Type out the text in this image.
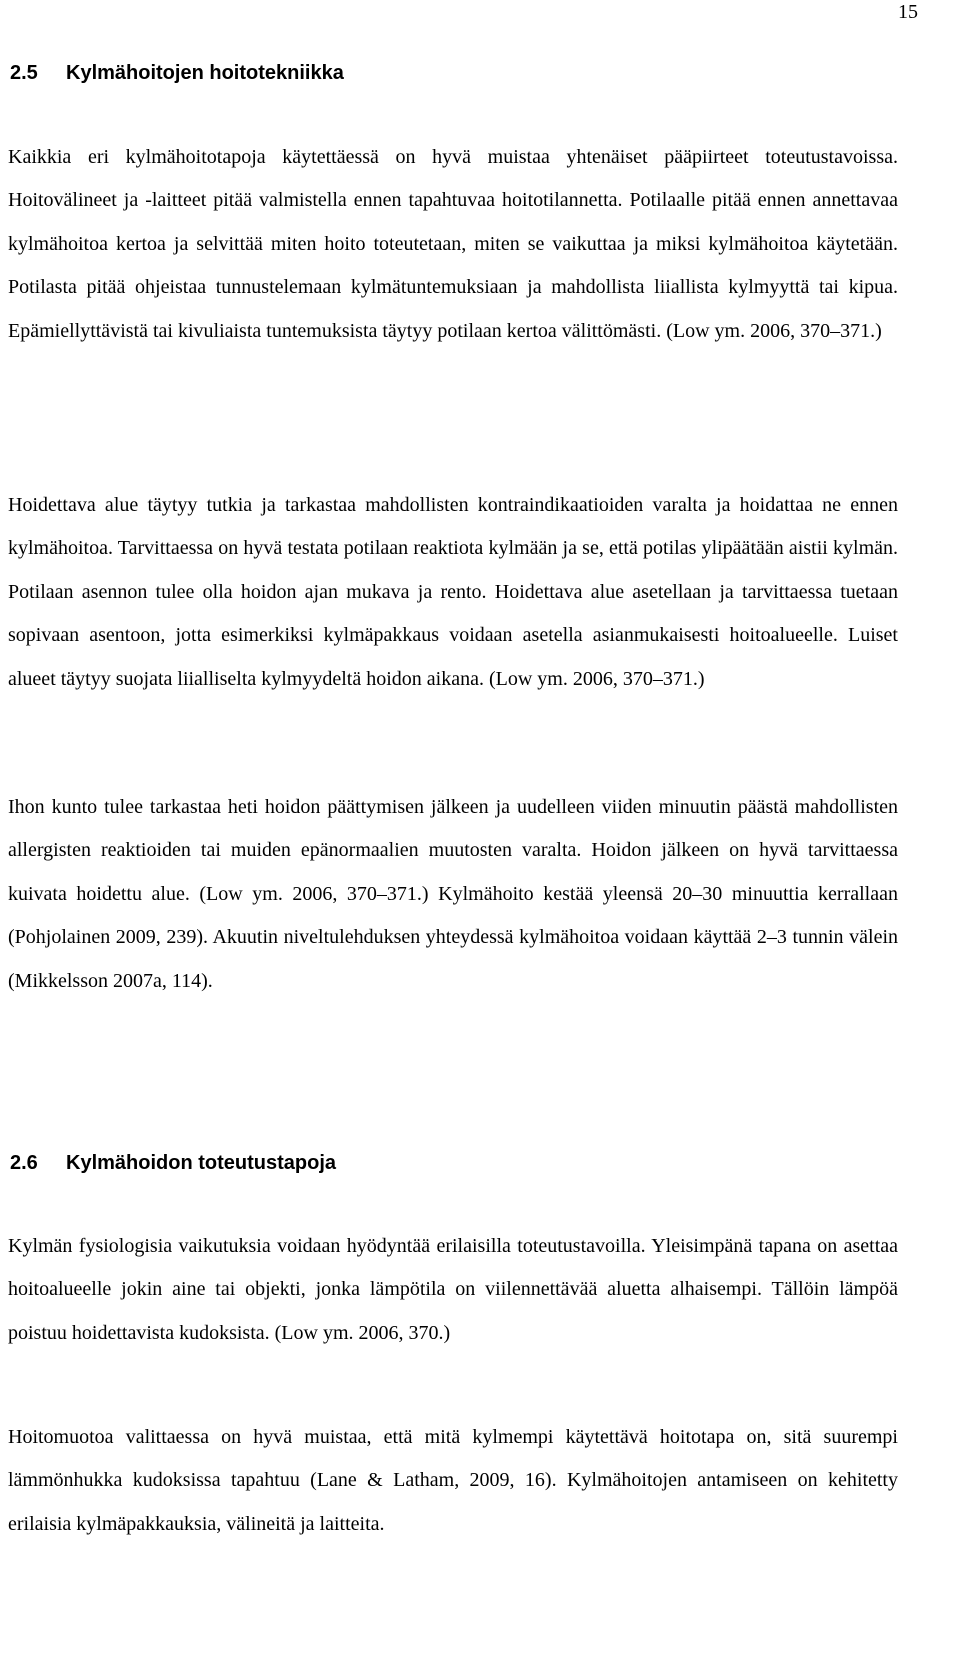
15
2.5 Kylmähoitojen hoitotekniikka

Kaikkia eri kylmähoitotapoja käytettäessä on hyvä muistaa yhtenäiset pääpiirteet toteutustavoissa. Hoitovälineet ja -laitteet pitää valmistella ennen tapahtuvaa hoitotilannetta. Potilaalle pitää ennen annettavaa kylmähoitoa kertoa ja selvittää miten hoito toteutetaan, miten se vaikuttaa ja miksi kylmähoitoa käytetään. Potilasta pitää ohjeistaa tunnustelemaan kylmätuntemuksiaan ja mahdollista liiallista kylmyyttä tai kipua. Epämiellyttävistä tai kivuliaista tuntemuksista täytyy potilaan kertoa välittömästi. (Low ym. 2006, 370–371.)

Hoidettava alue täytyy tutkia ja tarkastaa mahdollisten kontraindikaatioiden varalta ja hoidattaa ne ennen kylmähoitoa. Tarvittaessa on hyvä testata potilaan reaktiota kylmään ja se, että potilas ylipäätään aistii kylmän. Potilaan asennon tulee olla hoidon ajan mukava ja rento. Hoidettava alue asetellaan ja tarvittaessa tuetaan sopivaan asentoon, jotta esimerkiksi kylmäpakkaus voidaan asetella asianmukaisesti hoitoalueelle. Luiset alueet täytyy suojata liialliselta kylmyydeltä hoidon aikana. (Low ym. 2006, 370–371.)

Ihon kunto tulee tarkastaa heti hoidon päättymisen jälkeen ja uudelleen viiden minuutin päästä mahdollisten allergisten reaktioiden tai muiden epänormaalien muutosten varalta. Hoidon jälkeen on hyvä tarvittaessa kuivata hoidettu alue. (Low ym. 2006, 370–371.) Kylmähoito kestää yleensä 20–30 minuuttia kerrallaan (Pohjolainen 2009, 239). Akuutin niveltulehduksen yhteydessä kylmähoitoa voidaan käyttää 2–3 tunnin välein (Mikkelsson 2007a, 114).

2.6 Kylmähoidon toteutustapoja

Kylmän fysiologisia vaikutuksia voidaan hyödyntää erilaisilla toteutustavoilla. Yleisimpänä tapana on asettaa hoitoalueelle jokin aine tai objekti, jonka lämpötila on viilennettävää aluetta alhaisempi. Tällöin lämpöä poistuu hoidettavista kudoksista. (Low ym. 2006, 370.)

Hoitomuotoa valittaessa on hyvä muistaa, että mitä kylmempi käytettävä hoitotapa on, sitä suurempi lämmönhukka kudoksissa tapahtuu (Lane & Latham, 2009, 16). Kylmähoitojen antamiseen on kehitetty erilaisia kylmäpakkauksia, välineitä ja laitteita.
